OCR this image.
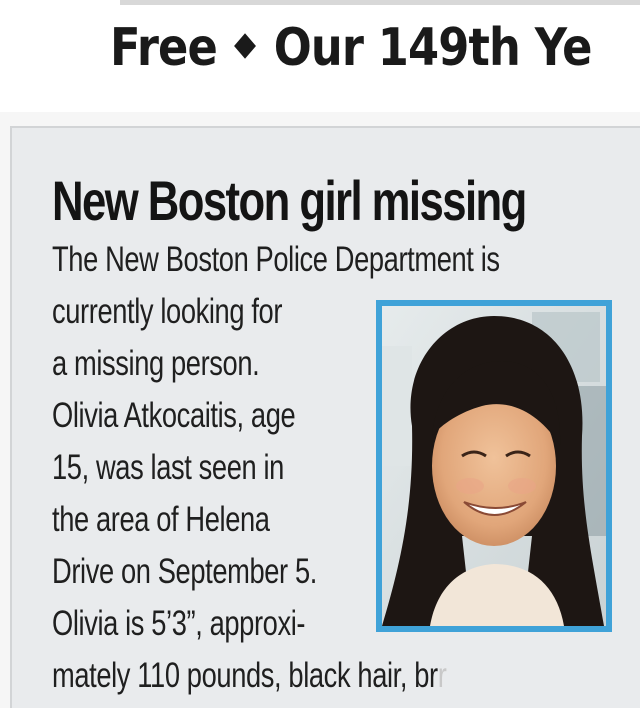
Free Our 149th Ye
New Boston girl missing
The New Boston Police Department is
currently looking for
a missing person.
Olivia Atkocaitis, age
15, was last seen in
the area of Helena
Drive on September 5.
Olivia is 5’3”, approxi-
mately 110 pounds, black hair, brr
